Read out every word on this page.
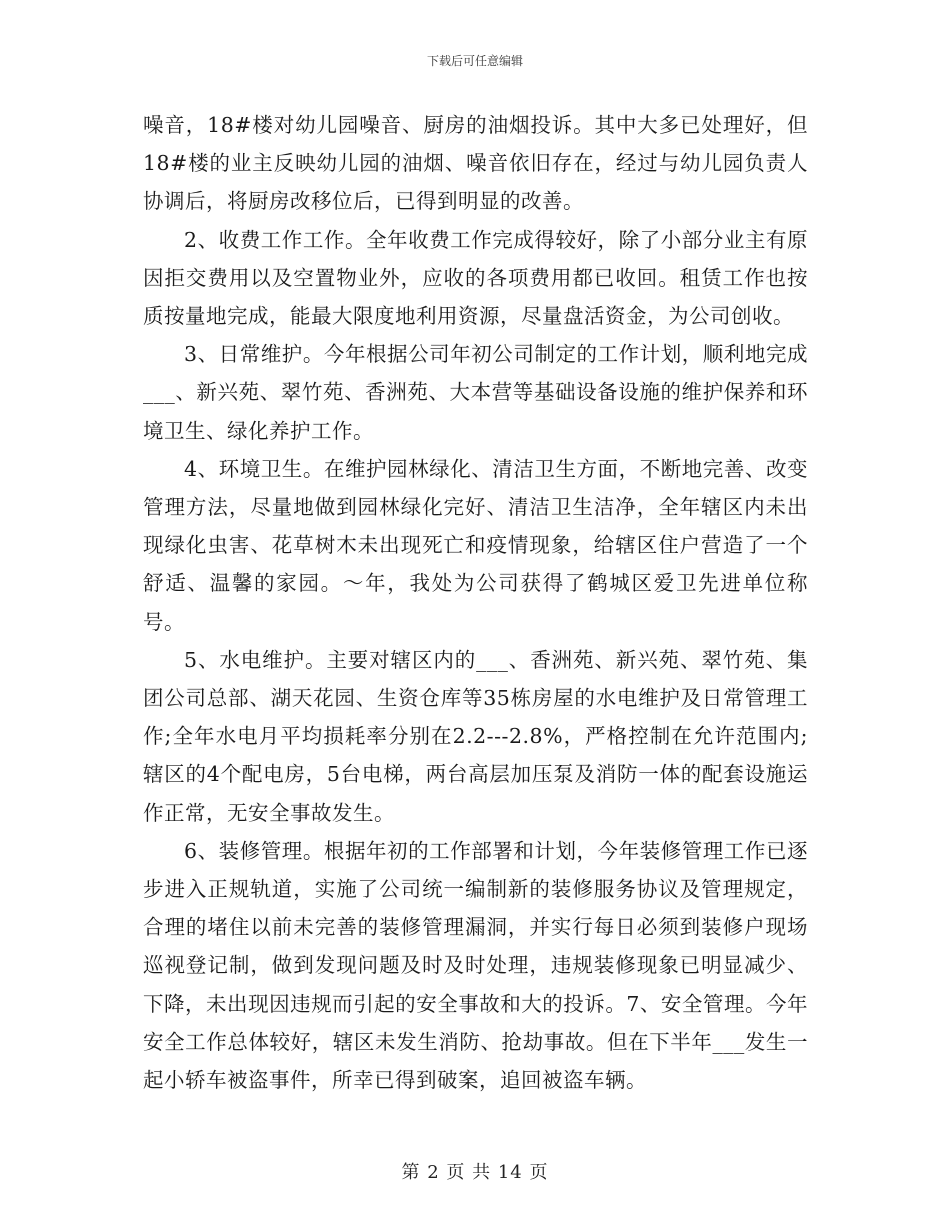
下载后可任意编辑

噪音，18#楼对幼儿园噪音、厨房的油烟投诉。其中大多已处理好，但18#楼的业主反映幼儿园的油烟、噪音依旧存在，经过与幼儿园负责人协调后，将厨房改移位后，已得到明显的改善。

2、收费工作工作。全年收费工作完成得较好，除了小部分业主有原因拒交费用以及空置物业外，应收的各项费用都已收回。租赁工作也按质按量地完成，能最大限度地利用资源，尽量盘活资金，为公司创收。

3、日常维护。今年根据公司年初公司制定的工作计划，顺利地完成___、新兴苑、翠竹苑、香洲苑、大本营等基础设备设施的维护保养和环境卫生、绿化养护工作。

4、环境卫生。在维护园林绿化、清洁卫生方面，不断地完善、改变管理方法，尽量地做到园林绿化完好、清洁卫生洁净，全年辖区内未出现绿化虫害、花草树木未出现死亡和疫情现象，给辖区住户营造了一个舒适、温馨的家园。～年，我处为公司获得了鹤城区爱卫先进单位称号。

5、水电维护。主要对辖区内的___、香洲苑、新兴苑、翠竹苑、集团公司总部、湖天花园、生资仓库等35栋房屋的水电维护及日常管理工作;全年水电月平均损耗率分别在2.2---2.8%，严格控制在允许范围内;辖区的4个配电房，5台电梯，两台高层加压泵及消防一体的配套设施运作正常，无安全事故发生。

6、装修管理。根据年初的工作部署和计划，今年装修管理工作已逐步进入正规轨道，实施了公司统一编制新的装修服务协议及管理规定，合理的堵住以前未完善的装修管理漏洞，并实行每日必须到装修户现场巡视登记制，做到发现问题及时及时处理，违规装修现象已明显减少、下降，未出现因违规而引起的安全事故和大的投诉。7、安全管理。今年安全工作总体较好，辖区未发生消防、抢劫事故。但在下半年___发生一起小轿车被盗事件，所幸已得到破案，追回被盗车辆。

第 2 页 共 14 页
